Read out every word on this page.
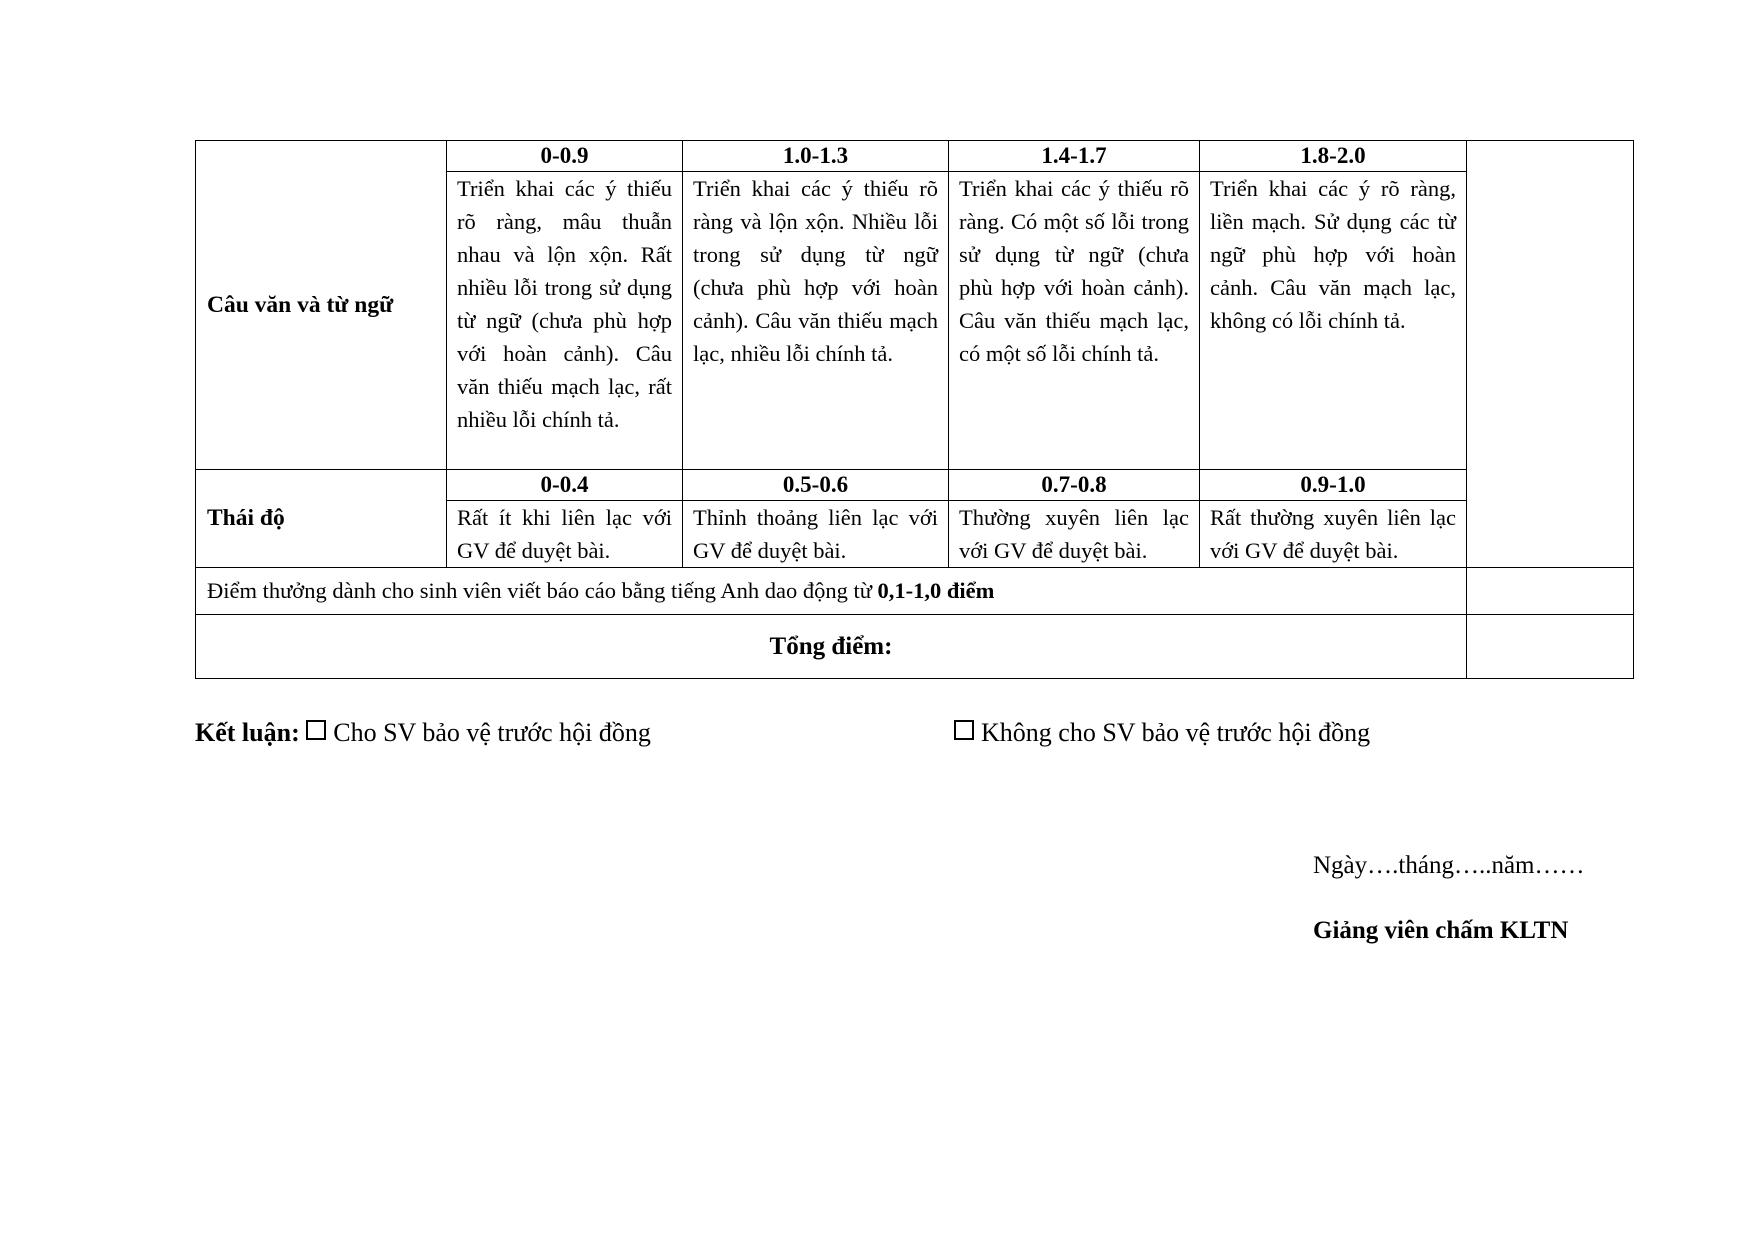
Câu văn và từ ngữ	0-0.9	1.0-1.3	1.4-1.7	1.8-2.0	
	Triển khai các ý thiếu rõ ràng, mâu thuẫn nhau và lộn xộn. Rất nhiều lỗi trong sử dụng từ ngữ (chưa phù hợp với hoàn cảnh). Câu văn thiếu mạch lạc, rất nhiều lỗi chính tả.	Triển khai các ý thiếu rõ ràng và lộn xộn. Nhiều lỗi trong sử dụng từ ngữ (chưa phù hợp với hoàn cảnh). Câu văn thiếu mạch lạc, nhiều lỗi chính tả.	Triển khai các ý thiếu rõ ràng. Có một số lỗi trong sử dụng từ ngữ (chưa phù hợp với hoàn cảnh). Câu văn thiếu mạch lạc, có một số lỗi chính tả.	Triển khai các ý rõ ràng, liền mạch. Sử dụng các từ ngữ phù hợp với hoàn cảnh. Câu văn mạch lạc, không có lỗi chính tả.	
Thái độ	0-0.4	0.5-0.6	0.7-0.8	0.9-1.0	
	Rất ít khi liên lạc với GV để duyệt bài.	Thỉnh thoảng liên lạc với GV để duyệt bài.	Thường xuyên liên lạc với GV để duyệt bài.	Rất thường xuyên liên lạc với GV để duyệt bài.	
Điểm thưởng dành cho sinh viên viết báo cáo bằng tiếng Anh dao động từ 0,1-1,0 điểm					
Tổng điểm:					
Kết luận: Cho SV bảo vệ trước hội đồng	Không cho SV bảo vệ trước hội đồng
Ngày….tháng…..năm……
Giảng viên chấm KLTN
